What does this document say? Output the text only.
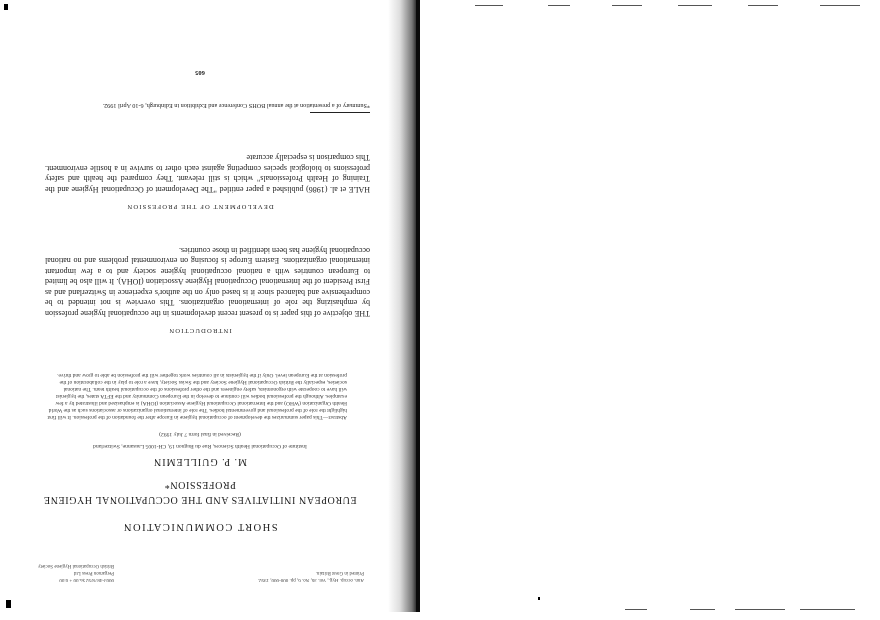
Ann. occup. Hyg., Vol. 36, No. 6, pp. 000-000, 1992.
Printed in Great Britain.
0003-4878/92 $5.00 + 0.00
Pergamon Press Ltd
British Occupational Hygiene Society
SHORT COMMUNICATION
EUROPEAN INITIATIVES AND THE OCCUPATIONAL HYGIENE
PROFESSION*
M. P. GUILLEMIN
Institute of Occupational Health Sciences, Rue du Bugnon 19, CH-1005 Lausanne, Switzerland
(Received in final form 7 July 1992)
Abstract—This paper summarizes the development of occupational hygiene in Europe after the foundation of the profession. It will first highlight the role of the professional and governmental bodies. The role of international organizations or associations such as the World Health Organization (WHO) and the International Occupational Hygiene Association (IOHA) is emphasized and illustrated by a few examples. Although the professional bodies will continue to develop in the European Community and the EFTA states, the hygienist will have to cooperate with ergonomists, safety engineers and the other professions of the occupational health team. The national societies, especially the British Occupational Hygiene Society and the Swiss Society, have a role to play in the collaboration of the profession at the European level. Only if the hygienists in all countries work together will the profession be able to grow and thrive.
INTRODUCTION
THE objective of this paper is to present recent developments in the occupational hygiene profession by emphasizing the role of international organizations. This overview is not intended to be comprehensive and balanced since it is based only on the author's experience in Switzerland and as First President of the International Occupational Hygiene Association (IOHA). It will also be limited to European countries with a national occupational hygiene society and to a few important international organizations. Eastern Europe is focusing on environmental problems and no national occupational hygiene has been identified in those countries.
DEVELOPMENT OF THE PROFESSION
HALE et al. (1986) published a paper entitled "The Development of Occupational Hygiene and the Training of Health Professionals" which is still relevant. They compared the health and safety professions to biological species competing against each other to survive in a hostile environment. This comparison is especially accurate
*Summary of a presentation at the annual BOHS Conference and Exhibition in Edinburgh, 6-10 April 1992.
605
